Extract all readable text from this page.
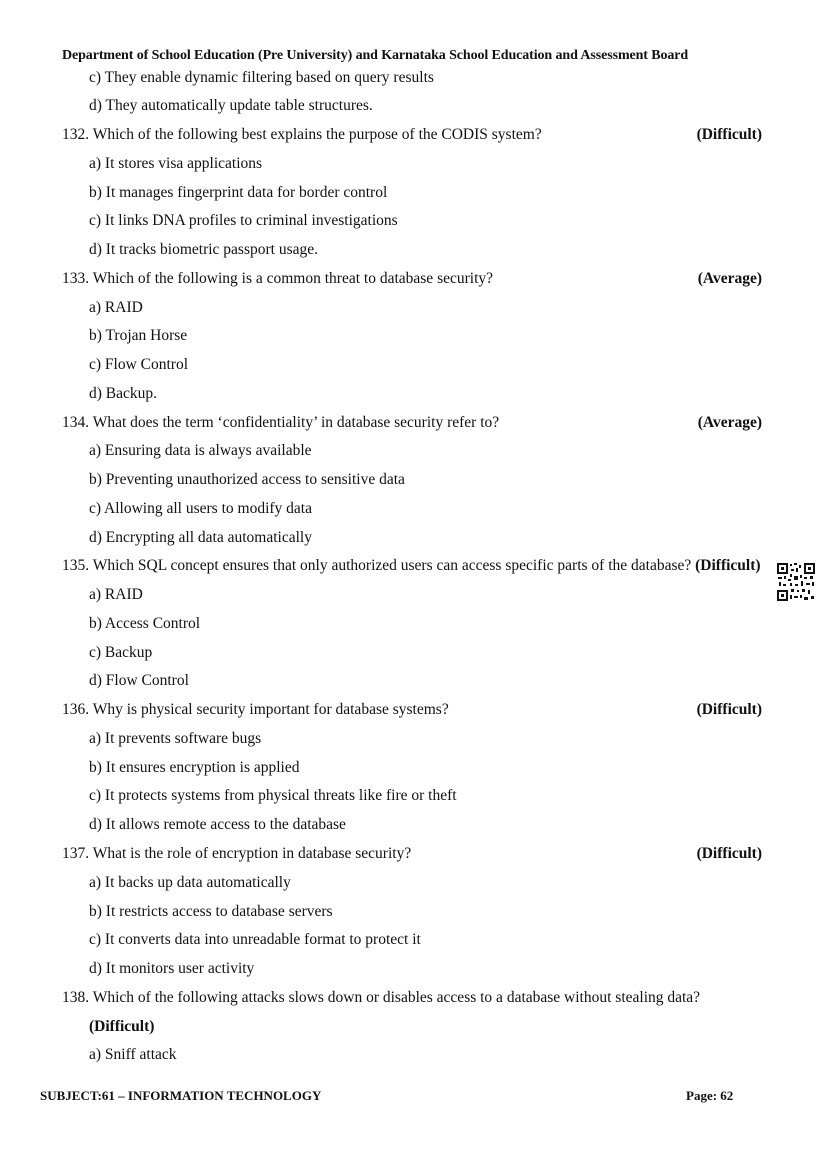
Department of School Education (Pre University) and Karnataka School Education and Assessment Board
c) They enable dynamic filtering based on query results
d) They automatically update table structures.
132. Which of the following best explains the purpose of the CODIS system?	(Difficult)
a) It stores visa applications
b) It manages fingerprint data for border control
c) It links DNA profiles to criminal investigations
d) It tracks biometric passport usage.
133. Which of the following is a common threat to database security?	(Average)
a) RAID
b) Trojan Horse
c) Flow Control
d) Backup.
134. What does the term ‘confidentiality’ in database security refer to?	(Average)
a) Ensuring data is always available
b) Preventing unauthorized access to sensitive data
c) Allowing all users to modify data
d) Encrypting all data automatically
135. Which SQL concept ensures that only authorized users can access specific parts of the database? (Difficult)
a) RAID
b) Access Control
c) Backup
d) Flow Control
136. Why is physical security important for database systems?	(Difficult)
a) It prevents software bugs
b) It ensures encryption is applied
c) It protects systems from physical threats like fire or theft
d) It allows remote access to the database
137. What is the role of encryption in database security?	(Difficult)
a) It backs up data automatically
b) It restricts access to database servers
c) It converts data into unreadable format to protect it
d) It monitors user activity
138. Which of the following attacks slows down or disables access to a database without stealing data?
(Difficult)
a) Sniff attack
SUBJECT:61 – INFORMATION TECHNOLOGY	Page: 62
